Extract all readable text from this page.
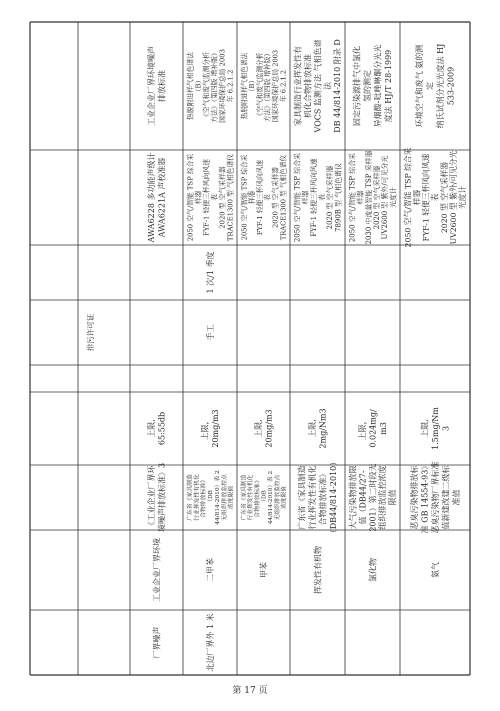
环境空气和废气 氨的测 定 纳氏试剂分光光度法 HJ 533-2009
2050 空气/智能 TSP 综合采 样器 FYF-1 轻便三杯风向风速 表 2020 型 空气采样器 UV2600 型 紫外/可见分光 光度计
上限, 1.5mg/Nm 3
恶臭污染物排放标 准 GB 14554-93》 恶臭污染物厂界标准 值新建改建二级标 准值
氨气
固定污染源排气中氯化 氢的测定 异烟酸-吡唑啉酮分光光 度法 HJ/T 28-1999
2050 空气/智能 TSP 综合采 样器 2030 中流量智能 TSP 采样器 2020 型 空气采样器 UV2600 型 紫外/可见分光 光度计
上限， 0.024mg/ m3
大气污染物排放限 值（DB44/27- 2001）第二时段无 组织排放监控浓度 限值
氯化物
家具制造行业挥发性有 机化合物排放标准 VOCS 监测方法 气相色谱 法 DB 44/814-2010 附录 D
2050 空气/智能 TSP 综合采 样器 FYF-1 轻便三杯风向风速 表 2020 型 空气采样器 7890B 型 气相色谱仪
上限, 2mg/Nm3
广东省《家具制造 行业挥发性有机化 合物排放标准》 （DB44/814-2010）
挥发性有机物
热脱附进样气相色谱法 （B） 《空气和废气监测分析 方法》（第四版 增补版） 国家环境保护总局 2003 年 6.2.1.2
2050 空气/智能 TSP 综合采 样器 FYF-1 轻便三杯风向风速 表 2020 型 空气采样器 TRACE1300 型 气相色谱仪
上限, 20mg/m3
广东省《家具制造 行业挥发性有机化 合物排放标准》 （DB 44/814-2010）表 2 无组织排放监控点 浓度限值
甲苯
热脱附进样气相色谱法 （B） 《空气和废气监测分析 方法》（第四版 增补版） 国家环境保护总局 2003 年 6.2.1.2
2050 空气/智能 TSP 综合采 样器 FYF-1 轻便三杯风向风速 表 2020 型 空气采样器 TRACE1300 型 气相色谱仪
1 次/1 季度
手工
上限， 20mg/m3
广东省《家具制造 行业挥发性有机化 合物排放标准》 （DB 44/814-2010）表 2 无组织排放监控点 浓度限值
二甲苯
北边厂界外 1 米
工业企业厂界环境噪声 排放标准
AWA6228 多功能声级计 AWA6221A 声校准器
上限, 65:55db
《工业企业厂界环 境噪声排放标准》3
工业企业厂界环境
厂界噪声
排污许可证
第 17 页
